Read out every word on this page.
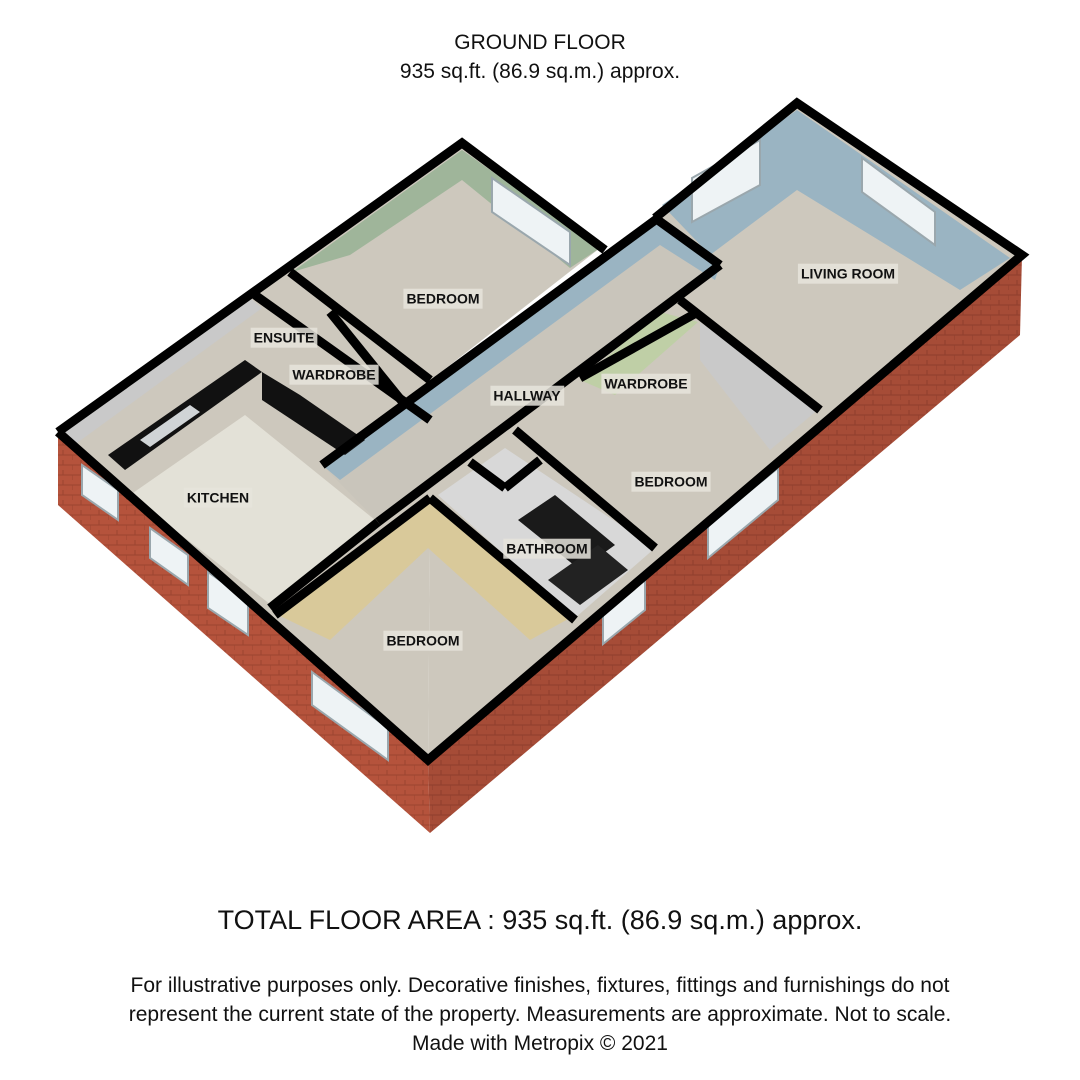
GROUND FLOOR
935 sq.ft. (86.9 sq.m.) approx.
BEDROOM
ENSUITE
WARDROBE
KITCHEN
HALLWAY
LIVING ROOM
WARDROBE
BEDROOM
BATHROOM
BEDROOM
TOTAL FLOOR AREA : 935 sq.ft. (86.9 sq.m.) approx.
For illustrative purposes only. Decorative finishes, fixtures, fittings and furnishings do not
represent the current state of the property. Measurements are approximate. Not to scale.
Made with Metropix © 2021
